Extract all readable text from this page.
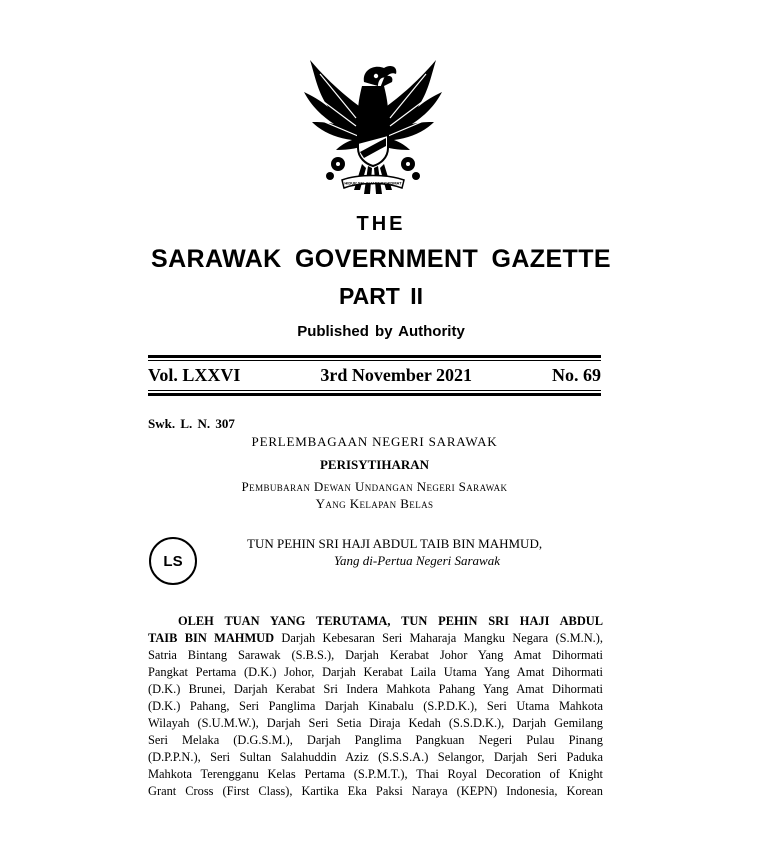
HIDUP SELALU BERKHIDMAT
THE
SARAWAK GOVERNMENT GAZETTE
PART II
Published by Authority
Vol. LXXVI	3rd November 2021	No. 69
Swk. L. N. 307
PERLEMBAGAAN NEGERI SARAWAK
PERISYTIHARAN
Pembubaran Dewan Undangan Negeri Sarawak
Yang Kelapan Belas
LS
TUN PEHIN SRI HAJI ABDUL TAIB BIN MAHMUD,
Yang di-Pertua Negeri Sarawak
OLEH TUAN YANG TERUTAMA, TUN PEHIN SRI HAJI ABDUL
TAIB BIN MAHMUD Darjah Kebesaran Seri Maharaja Mangku Negara (S.M.N.),
Satria Bintang Sarawak (S.B.S.), Darjah Kerabat Johor Yang Amat Dihormati
Pangkat Pertama (D.K.) Johor, Darjah Kerabat Laila Utama Yang Amat Dihormati
(D.K.) Brunei, Darjah Kerabat Sri Indera Mahkota Pahang Yang Amat Dihormati
(D.K.) Pahang, Seri Panglima Darjah Kinabalu (S.P.D.K.), Seri Utama Mahkota
Wilayah (S.U.M.W.), Darjah Seri Setia Diraja Kedah (S.S.D.K.), Darjah Gemilang
Seri Melaka (D.G.S.M.), Darjah Panglima Pangkuan Negeri Pulau Pinang
(D.P.P.N.), Seri Sultan Salahuddin Aziz (S.S.S.A.) Selangor, Darjah Seri Paduka
Mahkota Terengganu Kelas Pertama (S.P.M.T.), Thai Royal Decoration of Knight
Grant Cross (First Class), Kartika Eka Paksi Naraya (KEPN) Indonesia, Korean
